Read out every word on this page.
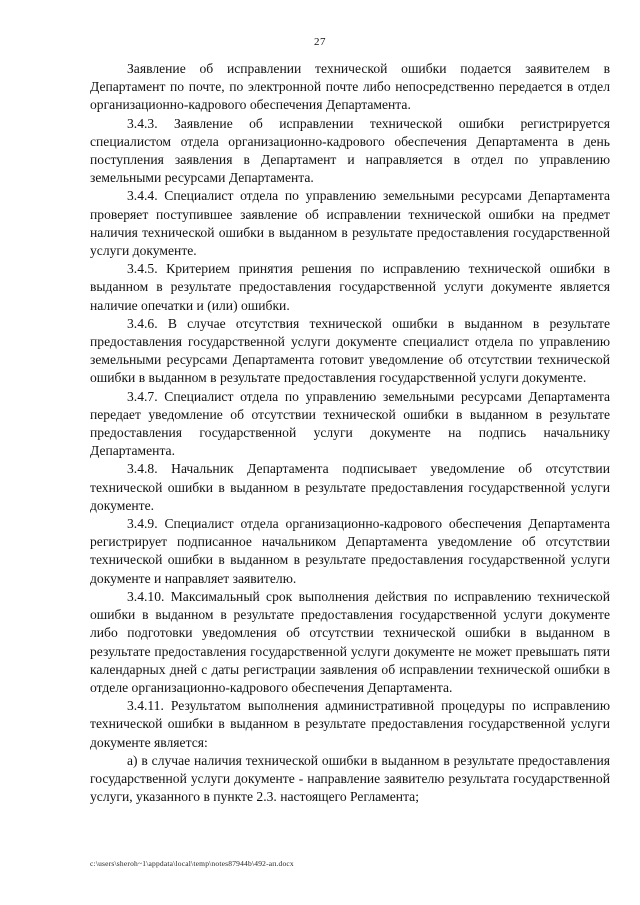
27

Заявление об исправлении технической ошибки подается заявителем в Департамент по почте, по электронной почте либо непосредственно передается в отдел организационно-кадрового обеспечения Департамента.

3.4.3. Заявление об исправлении технической ошибки регистрируется специалистом отдела организационно-кадрового обеспечения Департамента в день поступления заявления в Департамент и направляется в отдел по управлению земельными ресурсами Департамента.

3.4.4. Специалист отдела по управлению земельными ресурсами Департамента проверяет поступившее заявление об исправлении технической ошибки на предмет наличия технической ошибки в выданном в результате предоставления государственной услуги документе.

3.4.5. Критерием принятия решения по исправлению технической ошибки в выданном в результате предоставления государственной услуги документе является наличие опечатки и (или) ошибки.

3.4.6. В случае отсутствия технической ошибки в выданном в результате предоставления государственной услуги документе специалист отдела по управлению земельными ресурсами Департамента готовит уведомление об отсутствии технической ошибки в выданном в результате предоставления государственной услуги документе.

3.4.7. Специалист отдела по управлению земельными ресурсами Департамента передает уведомление об отсутствии технической ошибки в выданном в результате предоставления государственной услуги документе на подпись начальнику Департамента.

3.4.8. Начальник Департамента подписывает уведомление об отсутствии технической ошибки в выданном в результате предоставления государственной услуги документе.

3.4.9. Специалист отдела организационно-кадрового обеспечения Департамента регистрирует подписанное начальником Департамента уведомление об отсутствии технической ошибки в выданном в результате предоставления государственной услуги документе и направляет заявителю.

3.4.10. Максимальный срок выполнения действия по исправлению технической ошибки в выданном в результате предоставления государственной услуги документе либо подготовки уведомления об отсутствии технической ошибки в выданном в результате предоставления государственной услуги документе не может превышать пяти календарных дней с даты регистрации заявления об исправлении технической ошибки в отделе организационно-кадрового обеспечения Департамента.

3.4.11. Результатом выполнения административной процедуры по исправлению технической ошибки в выданном в результате предоставления государственной услуги документе является:

а) в случае наличия технической ошибки в выданном в результате предоставления государственной услуги документе - направление заявителю результата государственной услуги, указанного в пункте 2.3. настоящего Регламента;

c:\users\sheroh~1\appdata\local\temp\notes87944b\492-ап.docx
